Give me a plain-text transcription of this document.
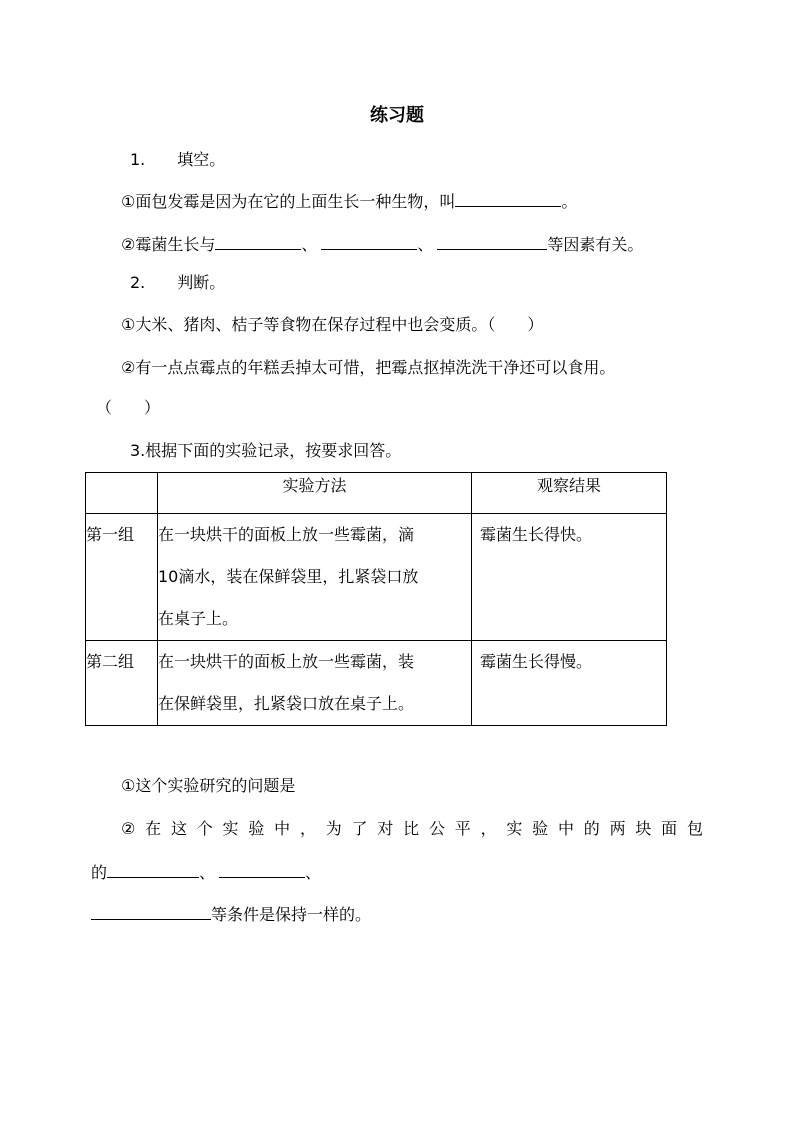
练习题
1.　　填空。
①面包发霉是因为在它的上面生长一种生物，叫	。
②霉菌生长与	、	、	等因素有关。
2.　　判断。
①大米、猪肉、桔子等食物在保存过程中也会变质。（　　）
②有一点点霉点的年糕丢掉太可惜，把霉点抠掉洗洗干净还可以食用。
（　　）
3.根据下面的实验记录，按要求回答。
	实验方法	观察结果
第一组	在一块烘干的面板上放一些霉菌，滴
10滴水，装在保鲜袋里，扎紧袋口放
在桌子上。	霉菌生长得快。
第二组	在一块烘干的面板上放一些霉菌，装
在保鲜袋里，扎紧袋口放在桌子上。	霉菌生长得慢。
①这个实验研究的问题是
②在这个实验中，为了对比公平，实验中的两块面包
的	、	、
等条件是保持一样的。
